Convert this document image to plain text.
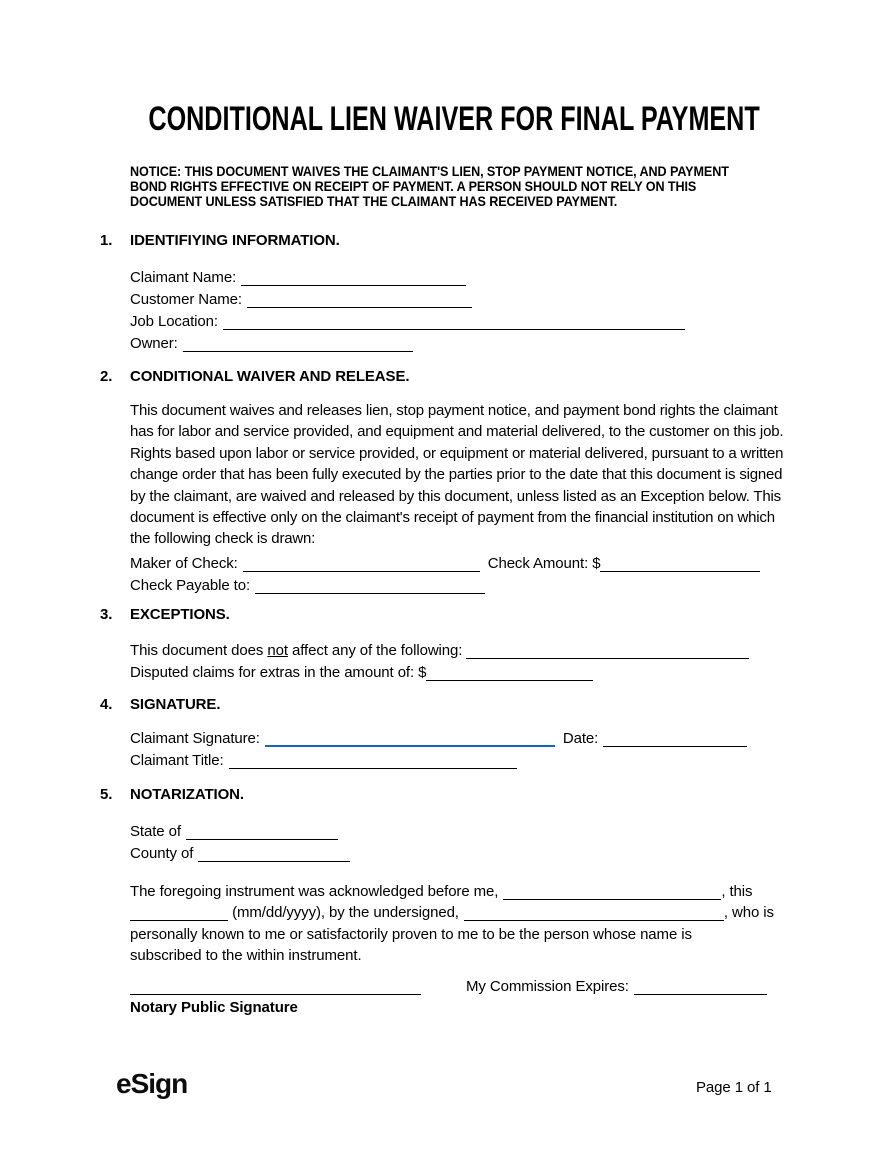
CONDITIONAL LIEN WAIVER FOR FINAL PAYMENT
NOTICE: THIS DOCUMENT WAIVES THE CLAIMANT'S LIEN, STOP PAYMENT NOTICE, AND PAYMENT
BOND RIGHTS EFFECTIVE ON RECEIPT OF PAYMENT. A PERSON SHOULD NOT RELY ON THIS
DOCUMENT UNLESS SATISFIED THAT THE CLAIMANT HAS RECEIVED PAYMENT.
1.	IDENTIFIYING INFORMATION.
Claimant Name:
Customer Name:
Job Location:
Owner:
2.	CONDITIONAL WAIVER AND RELEASE.

This document waives and releases lien, stop payment notice, and payment bond rights the claimant has for labor and service provided, and equipment and material delivered, to the customer on this job. Rights based upon labor or service provided, or equipment or material delivered, pursuant to a written change order that has been fully executed by the parties prior to the date that this document is signed by the claimant, are waived and released by this document, unless listed as an Exception below. This document is effective only on the claimant's receipt of payment from the financial institution on which the following check is drawn:

Maker of Check:	Check Amount: $
Check Payable to:
3.	EXCEPTIONS.
This document does not affect any of the following:
Disputed claims for extras in the amount of: $
4.	SIGNATURE.
Claimant Signature:	Date:
Claimant Title:
5.	NOTARIZATION.
State of
County of
The foregoing instrument was acknowledged before me,	, this
(mm/dd/yyyy), by the undersigned,	, who is
personally known to me or satisfactorily proven to me to be the person whose name is
subscribed to the within instrument.
My Commission Expires:
Notary Public Signature
eSign	Page 1 of 1
